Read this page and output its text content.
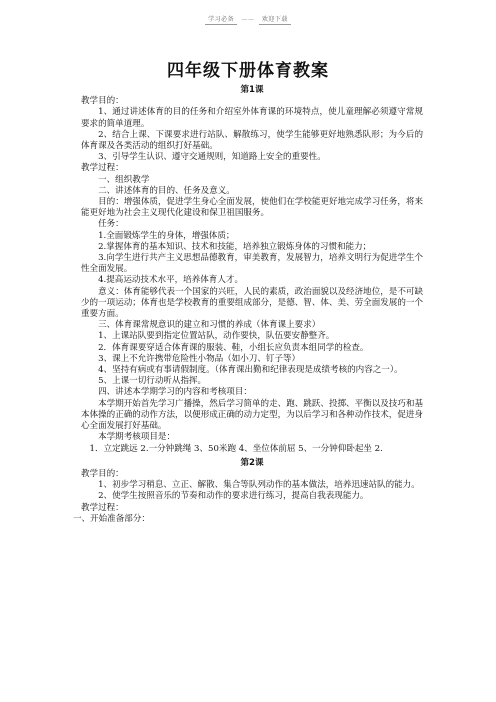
学习必备 ——	欢迎下载
四年级下册体育教案

第1课

教学目的：

1、通过讲述体育的目的任务和介绍室外体育课的环境特点，使儿童理解必须遵守常规要求的简单道理。

2、结合上课、下课要求进行站队、解散练习，使学生能够更好地熟悉队形；为今后的体育课及各类活动的组织打好基础。

3、引导学生认识、遵守交通规则，知道路上安全的重要性。

教学过程：

一、组织教学

二、讲述体育的目的、任务及意义。

目的：增强体质，促进学生身心全面发展，使他们在学校能更好地完成学习任务，将来能更好地为社会主义现代化建设和保卫祖国服务。

任务：

1.全面锻炼学生的身体，增强体质；

2.掌握体育的基本知识、技术和技能，培养独立锻炼身体的习惯和能力；

3.向学生进行共产主义思想品德教育，审美教育，发展智力，培养文明行为促进学生个性全面发展。

4.提高运动技术水平，培养体育人才。

意义：体育能够代表一个国家的兴旺，人民的素质，政治面貌以及经济地位，是不可缺少的一项运动；体育也是学校教育的重要组成部分，是德、智、体、美、劳全面发展的一个重要方面。

三、体育课常规意识的建立和习惯的养成（体育课上要求）

1、上课站队要到指定位置站队，动作要快，队伍要安静整齐。

2．体育课要穿适合体育课的服装、鞋，小组长应负责本组同学的检查。

3、课上不允许携带危险性小物品（如小刀、钉子等）

4、坚持有病或有事请假制度。（体育课出勤和纪律表现是成绩考核的内容之一）。

5、上课一切行动听从指挥。

四、讲述本学期学习的内容和考核项目：

本学期开始首先学习广播操，然后学习简单的走、跑、跳跃、投掷、平衡以及技巧和基本体操的正确的动作方法，以便形成正确的动力定型，为以后学习和各种动作技术，促进身心全面发展打好基础。

本学期考核项目是：

1．立定跳远 2.一分钟跳绳 3、50米跑 4、坐位体前屈 5、一分钟仰卧起坐 2.

第2课

教学目的：

1、初步学习稍息、立正、解散、集合等队列动作的基本做法，培养迅速站队的能力。

2、使学生按照音乐的节奏和动作的要求进行练习，提高自我表现能力。

教学过程：

一、开始准备部分：
